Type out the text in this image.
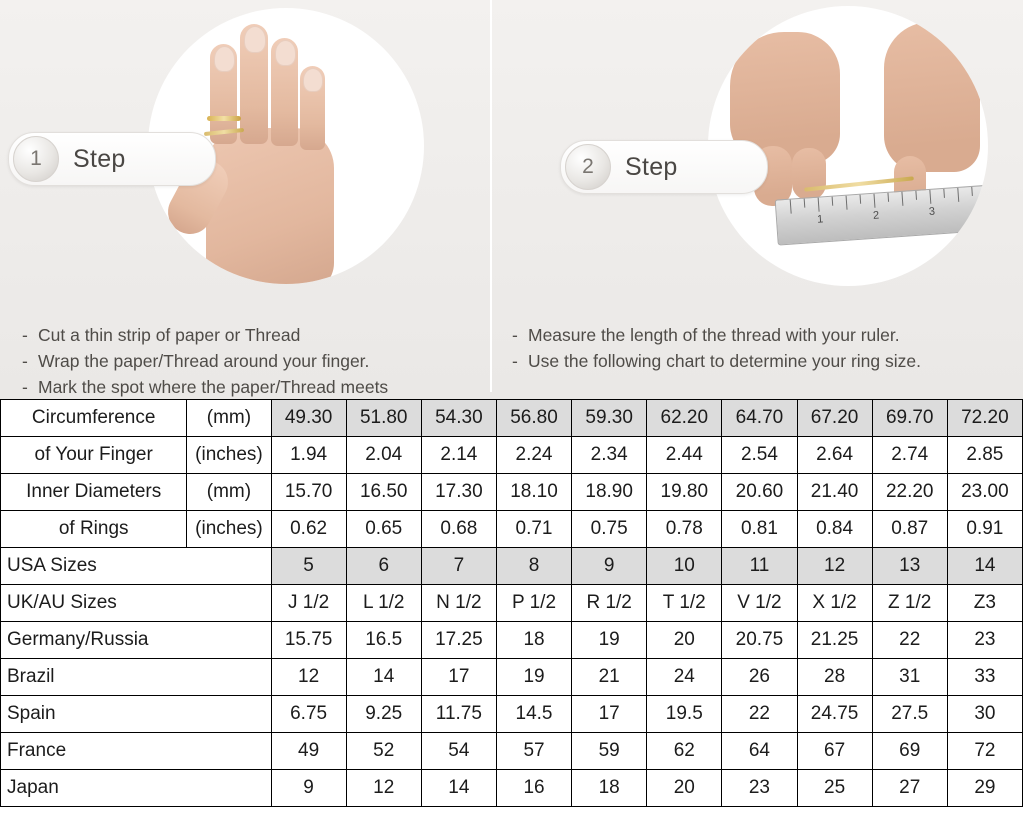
1	Step
- Cut a thin strip of paper or Thread
- Wrap the paper/Thread around your finger.
- Mark the spot where the paper/Thread meets
1	2	3
2	Step
- Measure the length of the thread with your ruler.
- Use the following chart to determine your ring size.
Circumference	(mm)	49.30	51.80	54.30	56.80	59.30	62.20	64.70	67.20	69.70	72.20
of Your Finger	(inches)	1.94	2.04	2.14	2.24	2.34	2.44	2.54	2.64	2.74	2.85
Inner Diameters	(mm)	15.70	16.50	17.30	18.10	18.90	19.80	20.60	21.40	22.20	23.00
of Rings	(inches)	0.62	0.65	0.68	0.71	0.75	0.78	0.81	0.84	0.87	0.91
USA Sizes		5	6	7	8	9	10	11	12	13	14
UK/AU Sizes		J 1/2	L 1/2	N 1/2	P 1/2	R 1/2	T 1/2	V 1/2	X 1/2	Z 1/2	Z3
Germany/Russia		15.75	16.5	17.25	18	19	20	20.75	21.25	22	23
Brazil		12	14	17	19	21	24	26	28	31	33
Spain		6.75	9.25	11.75	14.5	17	19.5	22	24.75	27.5	30
France		49	52	54	57	59	62	64	67	69	72
Japan		9	12	14	16	18	20	23	25	27	29
